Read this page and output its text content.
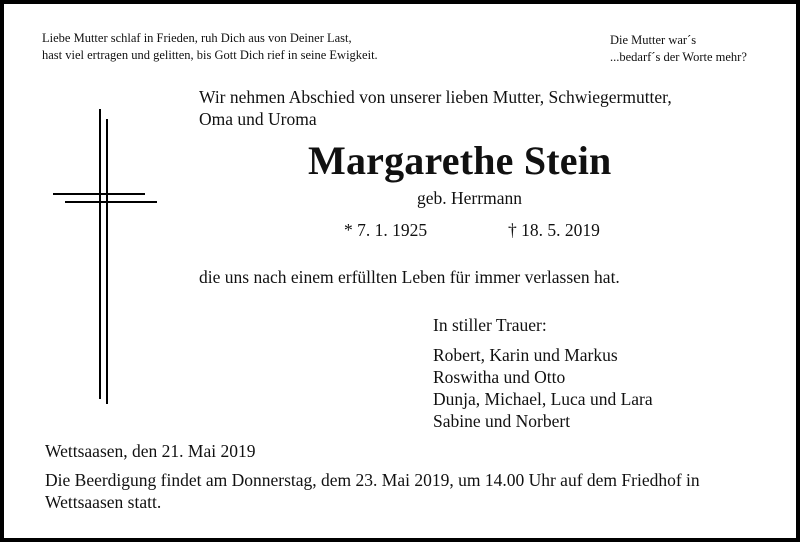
Liebe Mutter schlaf in Frieden, ruh Dich aus von Deiner Last,
hast viel ertragen und gelitten, bis Gott Dich rief in seine Ewigkeit.
Die Mutter war´s
...bedarf´s der Worte mehr?
Wir nehmen Abschied von unserer lieben Mutter, Schwiegermutter,
Oma und Uroma
Margarethe Stein
geb. Herrmann
* 7. 1. 1925	† 18. 5. 2019
die uns nach einem erfüllten Leben für immer verlassen hat.
In stiller Trauer:
Robert, Karin und Markus
Roswitha und Otto
Dunja, Michael, Luca und Lara
Sabine und Norbert
Wettsaasen, den 21. Mai 2019
Die Beerdigung findet am Donnerstag, dem 23. Mai 2019, um 14.00 Uhr auf dem Friedhof in
Wettsaasen statt.
